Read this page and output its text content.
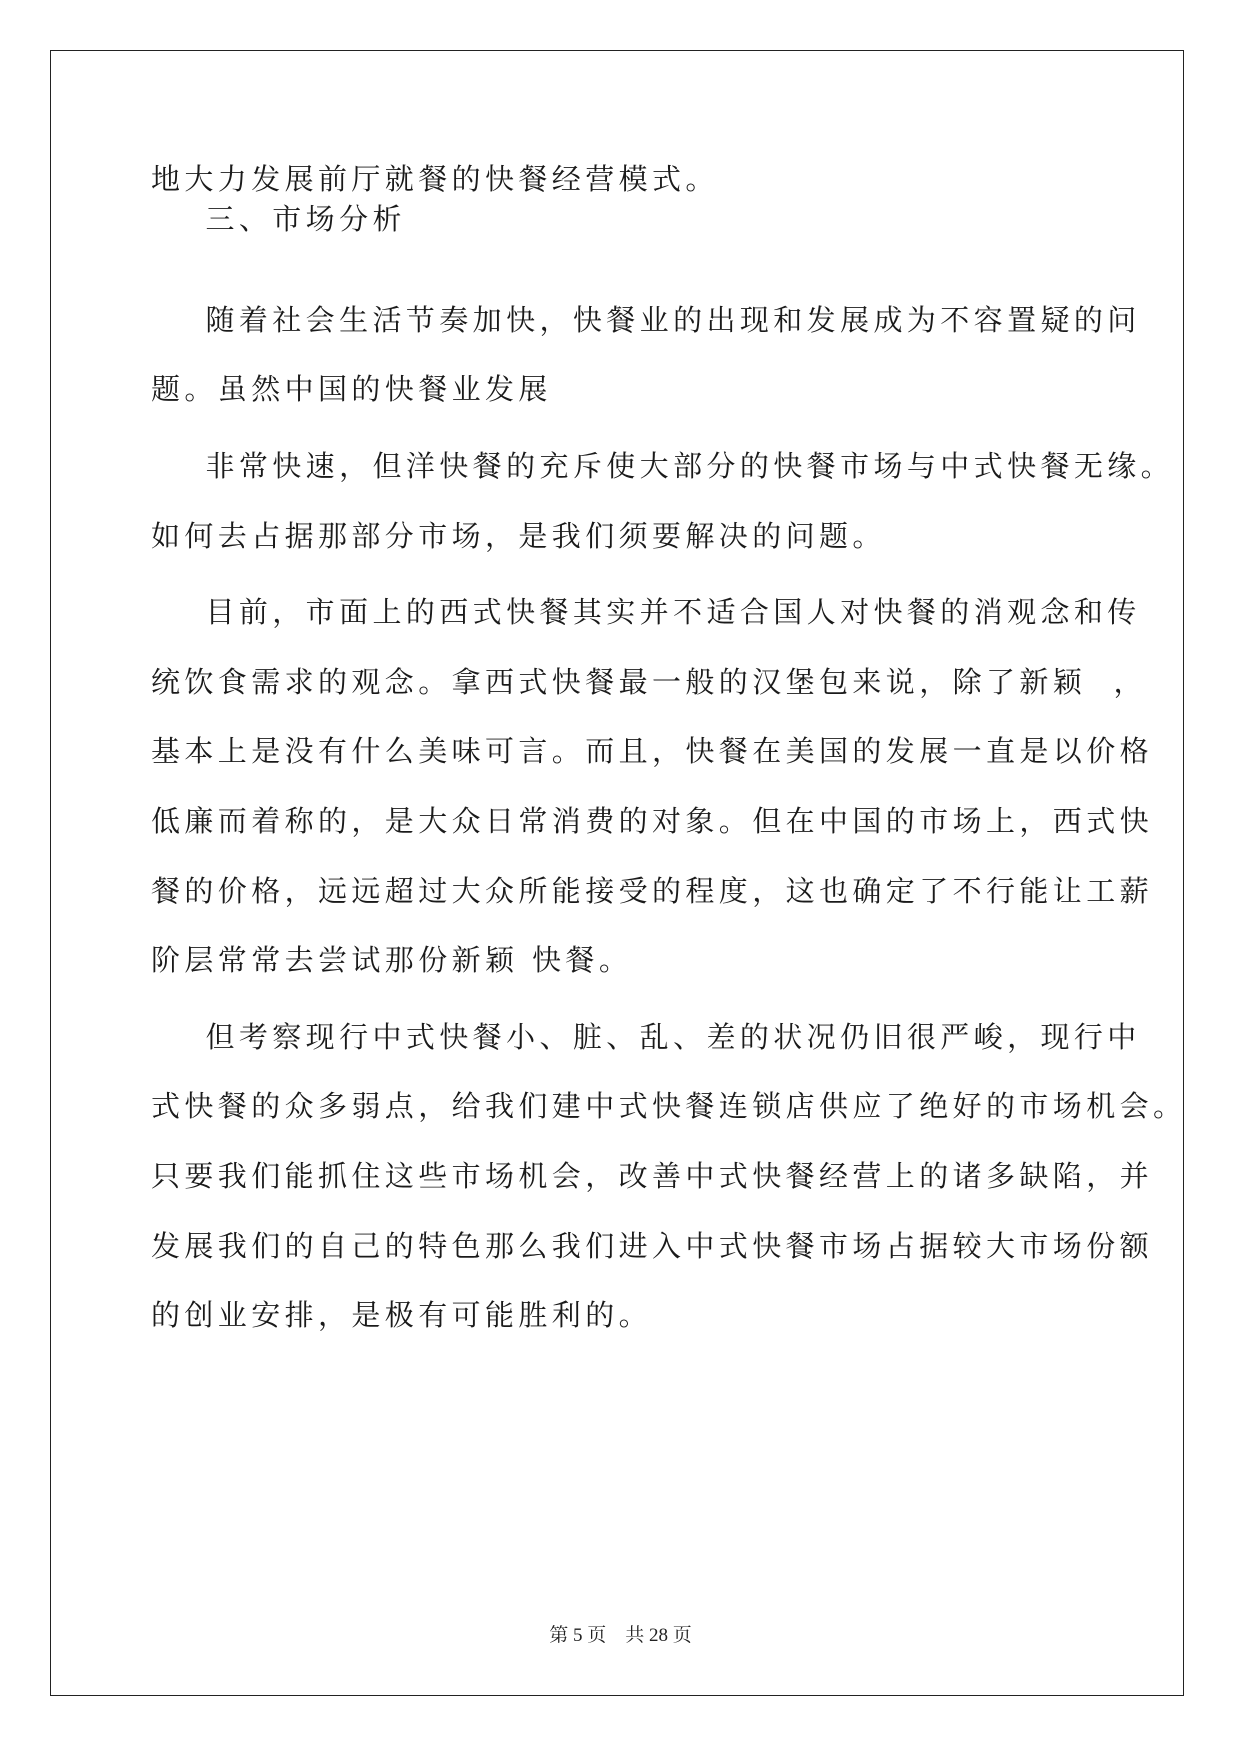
地大力发展前厅就餐的快餐经营模式。

三、市场分析

随着社会生活节奏加快，快餐业的出现和发展成为不容置疑的问

题。虽然中国的快餐业发展

非常快速，但洋快餐的充斥使大部分的快餐市场与中式快餐无缘。

如何去占据那部分市场，是我们须要解决的问题。

目前，市面上的西式快餐其实并不适合国人对快餐的消观念和传

统饮食需求的观念。拿西式快餐最一般的汉堡包来说，除了新颖  ，

基本上是没有什么美味可言。而且，快餐在美国的发展一直是以价格

低廉而着称的，是大众日常消费的对象。但在中国的市场上，西式快

餐的价格，远远超过大众所能接受的程度，这也确定了不行能让工薪

阶层常常去尝试那份新颖 快餐。

但考察现行中式快餐小、脏、乱、差的状况仍旧很严峻，现行中

式快餐的众多弱点，给我们建中式快餐连锁店供应了绝好的市场机会。

只要我们能抓住这些市场机会，改善中式快餐经营上的诸多缺陷，并

发展我们的自己的特色那么我们进入中式快餐市场占据较大市场份额

的创业安排，是极有可能胜利的。

第 5 页    共 28 页
